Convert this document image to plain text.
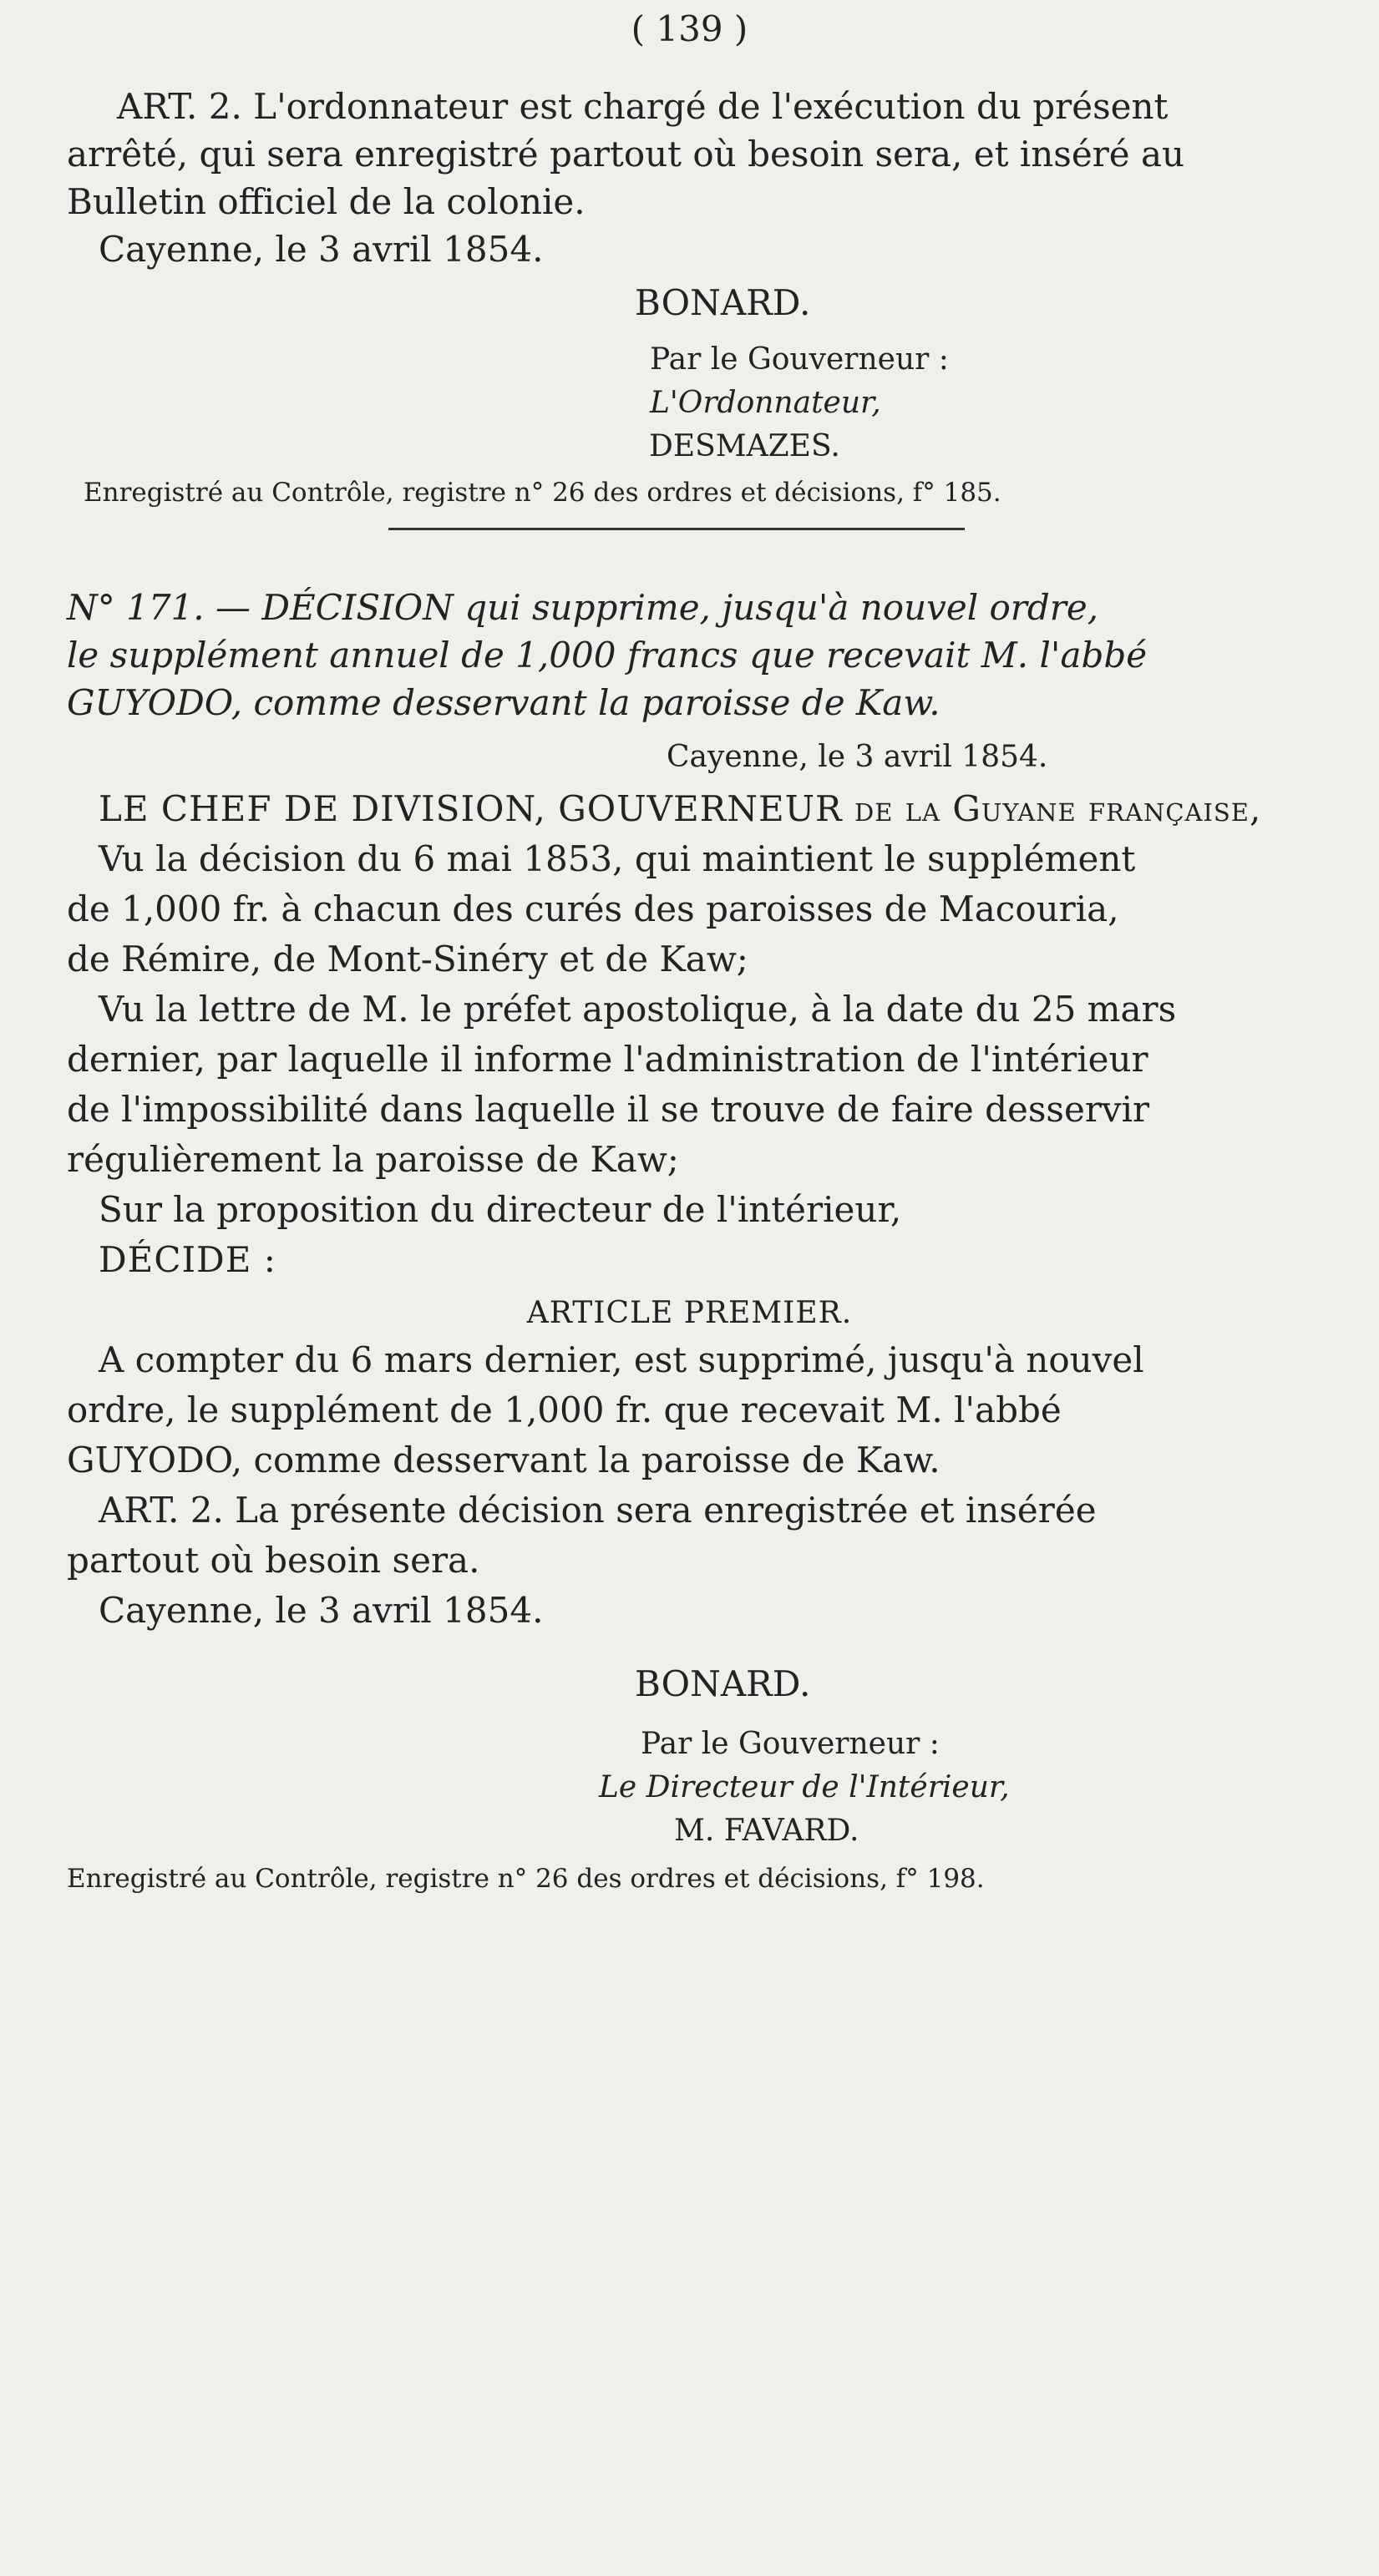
( 139 )
ART. 2. L'ordonnateur est chargé de l'exécution du présent
arrêté, qui sera enregistré partout où besoin sera, et inséré au
Bulletin officiel de la colonie.
Cayenne, le 3 avril 1854.
BONARD.
Par le Gouverneur :
L'Ordonnateur,
DESMAZES.
Enregistré au Contrôle, registre n° 26 des ordres et décisions, f° 185.
N° 171. — DÉCISION qui supprime, jusqu'à nouvel ordre,
le supplément annuel de 1,000 francs que recevait M. l'abbé
GUYODO, comme desservant la paroisse de Kaw.
Cayenne, le 3 avril 1854.
LE CHEF DE DIVISION, GOUVERNEUR de la Guyane française,
Vu la décision du 6 mai 1853, qui maintient le supplément
de 1,000 fr. à chacun des curés des paroisses de Macouria,
de Rémire, de Mont-Sinéry et de Kaw;
Vu la lettre de M. le préfet apostolique, à la date du 25 mars
dernier, par laquelle il informe l'administration de l'intérieur
de l'impossibilité dans laquelle il se trouve de faire desservir
régulièrement la paroisse de Kaw;
Sur la proposition du directeur de l'intérieur,
DÉCIDE :
ARTICLE PREMIER.
A compter du 6 mars dernier, est supprimé, jusqu'à nouvel
ordre, le supplément de 1,000 fr. que recevait M. l'abbé
GUYODO, comme desservant la paroisse de Kaw.
ART. 2. La présente décision sera enregistrée et insérée
partout où besoin sera.
Cayenne, le 3 avril 1854.
BONARD.
Par le Gouverneur :
Le Directeur de l'Intérieur,
M. FAVARD.
Enregistré au Contrôle, registre n° 26 des ordres et décisions, f° 198.
